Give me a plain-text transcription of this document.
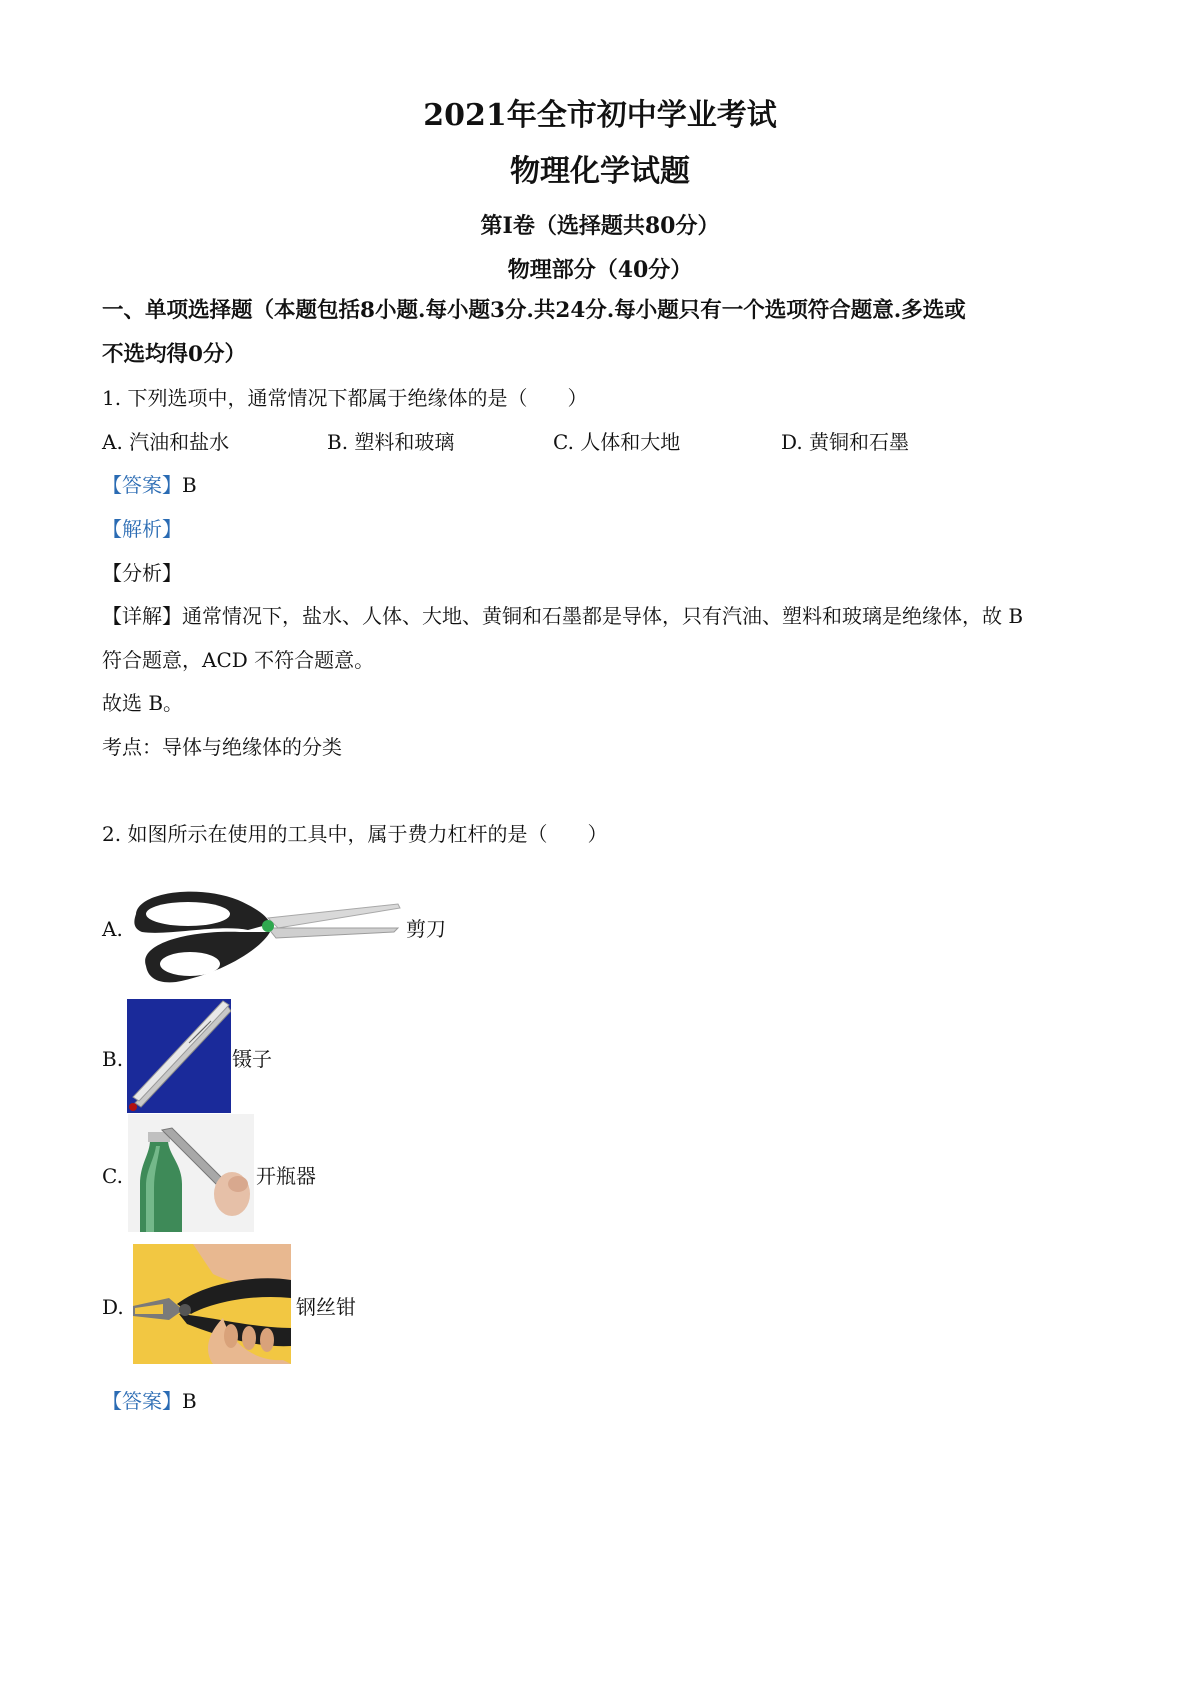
2021年全市初中学业考试
物理化学试题
第Ⅰ卷（选择题共80分）
物理部分（40分）
一、单项选择题（本题包括8小题.每小题3分.共24分.每小题只有一个选项符合题意.多选或
不选均得0分）
1. 下列选项中，通常情况下都属于绝缘体的是（　　）
A. 汽油和盐水	B. 塑料和玻璃	C. 人体和大地	D. 黄铜和石墨
【答案】B
【解析】
【分析】
【详解】通常情况下，盐水、人体、大地、黄铜和石墨都是导体，只有汽油、塑料和玻璃是绝缘体，故 B
符合题意，ACD 不符合题意。
故选 B。
考点：导体与绝缘体的分类
2. 如图所示在使用的工具中，属于费力杠杆的是（　　）
A.	剪刀
B.	镊子
C.	开瓶器
D.	钢丝钳
【答案】B
